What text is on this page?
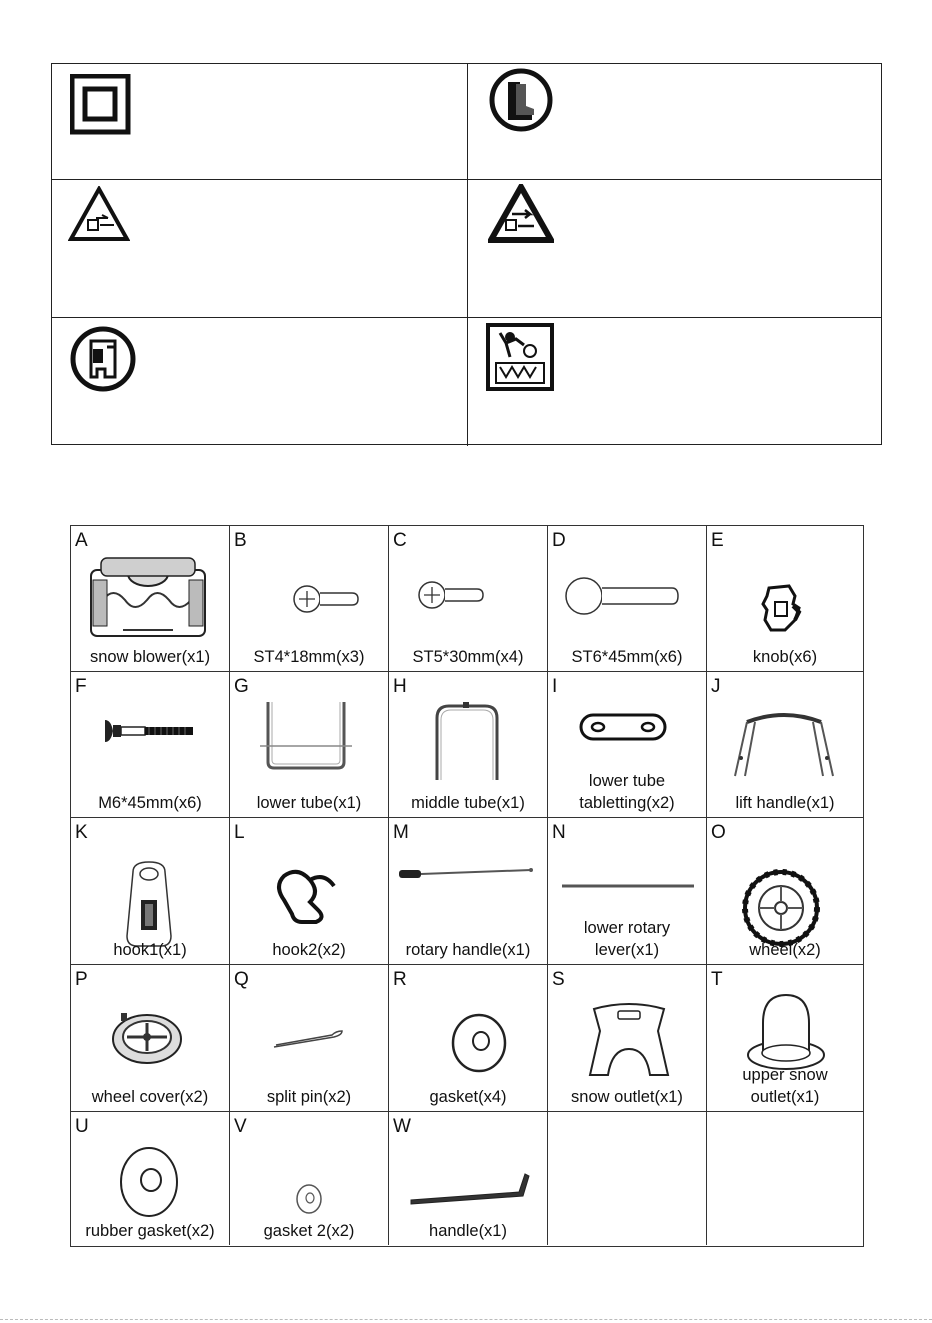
A
snow blower(x1)
B
ST4*18mm(x3)
C
ST5*30mm(x4)
D
ST6*45mm(x6)
E
knob(x6)
F
M6*45mm(x6)
G
lower tube(x1)
H
middle tube(x1)
I
lower tube
tabletting(x2)
J
lift handle(x1)
K
hook1(x1)
L
hook2(x2)
M
rotary handle(x1)
N
lower rotary
lever(x1)
O
wheel(x2)
P
wheel cover(x2)
Q
split pin(x2)
R
gasket(x4)
S
snow outlet(x1)
T
upper snow
outlet(x1)
U
rubber gasket(x2)
V
gasket 2(x2)
W
handle(x1)
